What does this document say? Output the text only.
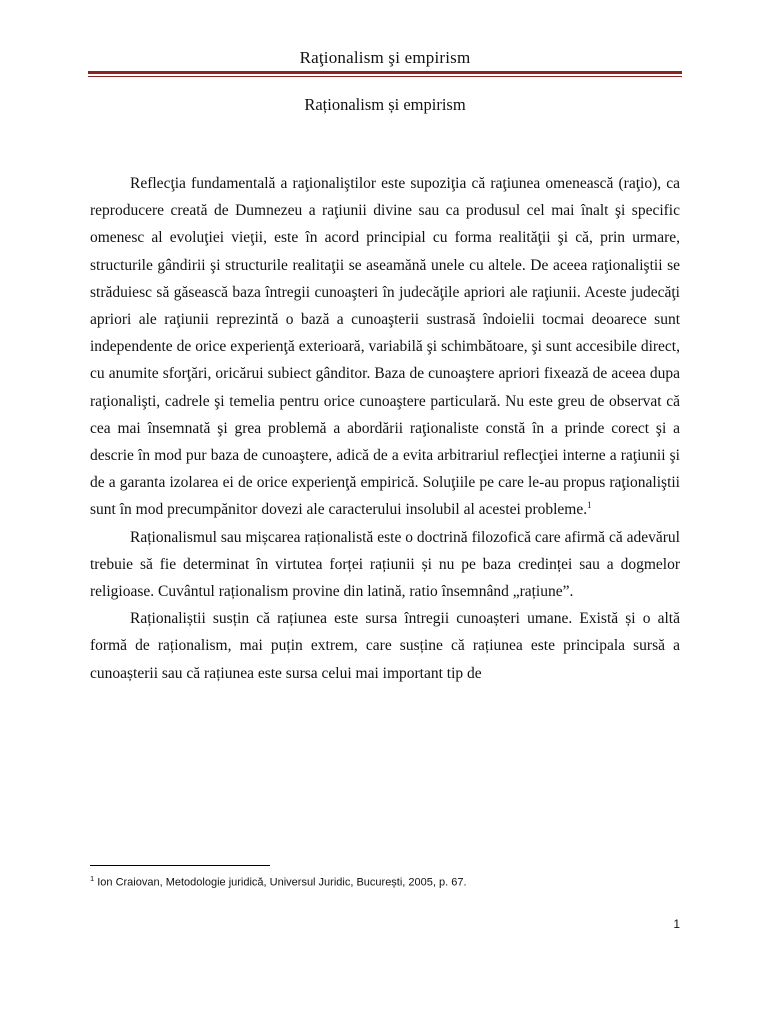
Raţionalism şi empirism
Raționalism și empirism

Reflecţia fundamentală a raţionaliştilor este supoziţia că raţiunea omenească (raţio), ca reproducere creată de Dumnezeu a raţiunii divine sau ca produsul cel mai înalt şi specific omenesc al evoluţiei vieţii, este în acord principial cu forma realităţii şi că, prin urmare, structurile gândirii şi structurile realitaţii se aseamănă unele cu altele. De aceea raţionaliştii se străduiesc să găsească baza întregii cunoaşteri în judecăţile apriori ale raţiunii. Aceste judecăţi apriori ale raţiunii reprezintă o bază a cunoaşterii sustrasă îndoielii tocmai deoarece sunt independente de orice experienţă exterioară, variabilă şi schimbătoare, şi sunt accesibile direct, cu anumite sforţări, oricărui subiect gânditor. Baza de cunoaştere apriori fixează de aceea dupa raţionalişti, cadrele şi temelia pentru orice cunoaştere particulară. Nu este greu de observat că cea mai însemnată şi grea problemă a abordării raţionaliste constă în a prinde corect şi a descrie în mod pur baza de cunoaştere, adică de a evita arbitrariul reflecţiei interne a raţiunii şi de a garanta izolarea ei de orice experienţă empirică. Soluţiile pe care le-au propus raţionaliştii sunt în mod precumpănitor dovezi ale caracterului insolubil al acestei probleme.$^1$

Raționalismul sau mișcarea raționalistă este o doctrină filozofică care afirmă că adevărul trebuie să fie determinat în virtutea forței rațiunii și nu pe baza credinței sau a dogmelor religioase. Cuvântul raționalism provine din latină, ratio însemnând „rațiune”.

Raționaliștii susțin că rațiunea este sursa întregii cunoașteri umane. Există și o altă formă de raționalism, mai puțin extrem, care susține că rațiunea este principala sursă a cunoașterii sau că rațiunea este sursa celui mai important tip de

$^1$ Ion Craiovan, Metodologie juridică, Universul Juridic, București, 2005, p. 67.
1
